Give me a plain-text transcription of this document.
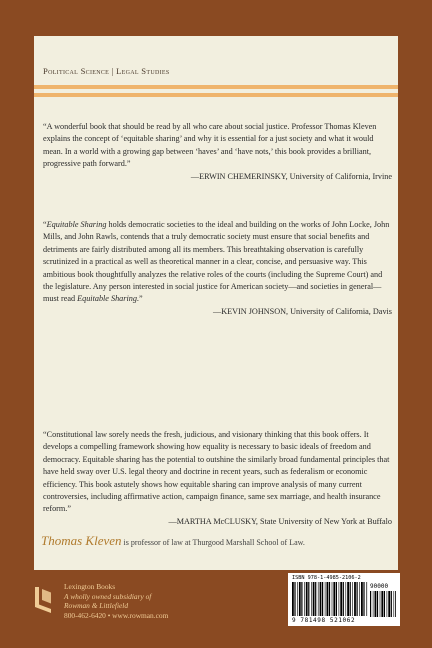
Political Science | Legal Studies
“A wonderful book that should be read by all who care about social justice. Professor Thomas Kleven explains the concept of ‘equitable sharing’ and why it is essential for a just society and what it would mean. In a world with a growing gap between ‘haves’ and ‘have nots,’ this book provides a brilliant, progressive path forward.”
—ERWIN CHEMERINSKY, University of California, Irvine
“Equitable Sharing holds democratic societies to the ideal and building on the works of John Locke, John Mills, and John Rawls, contends that a truly democratic society must ensure that social benefits and detriments are fairly distributed among all its members. This breathtaking observation is carefully scrutinized in a practical as well as theoretical manner in a clear, concise, and persuasive way. This ambitious book thoughtfully analyzes the relative roles of the courts (including the Supreme Court) and the legislature. Any person interested in social justice for American society—and societies in general—must read Equitable Sharing.”
—KEVIN JOHNSON, University of California, Davis
“Constitutional law sorely needs the fresh, judicious, and visionary thinking that this book offers. It develops a compelling framework showing how equality is necessary to basic ideals of freedom and democracy. Equitable sharing has the potential to outshine the similarly broad fundamental principles that have held sway over U.S. legal theory and doctrine in recent years, such as federalism or economic efficiency. This book astutely shows how equitable sharing can improve analysis of many current controversies, including affirmative action, campaign finance, same sex marriage, and health insurance reform.”
—MARTHA McCLUSKY, State University of New York at Buffalo
Thomas Kleven is professor of law at Thurgood Marshall School of Law.
Lexington Books
A wholly owned subsidiary of
Rowman & Littlefield
800-462-6420 • www.rowman.com
ISBN 978-1-4985-2106-2
90000
9 781498 521062
